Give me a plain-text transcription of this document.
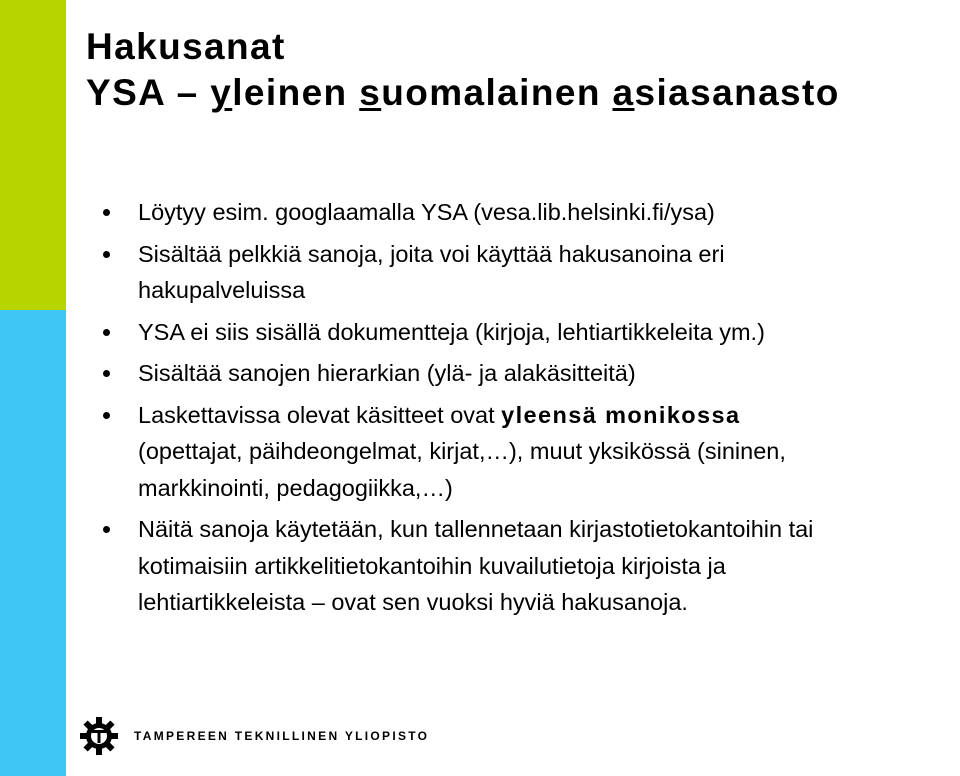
Hakusanat
YSA – yleinen suomalainen asiasanasto
Löytyy esim. googlaamalla YSA (vesa.lib.helsinki.fi/ysa)
Sisältää pelkkiä sanoja, joita voi käyttää hakusanoina eri
hakupalveluissa
YSA ei siis sisällä dokumentteja (kirjoja, lehtiartikkeleita ym.)
Sisältää sanojen hierarkian (ylä- ja alakäsitteitä)
Laskettavissa olevat käsitteet ovat yleensä monikossa
(opettajat, päihdeongelmat, kirjat,…), muut yksikössä (sininen,
markkinointi, pedagogiikka,…)
Näitä sanoja käytetään, kun tallennetaan kirjastotietokantoihin tai
kotimaisiin artikkelitietokantoihin kuvailutietoja kirjoista ja
lehtiartikkeleista – ovat sen vuoksi hyviä hakusanoja.
TAMPEREEN TEKNILLINEN YLIOPISTO
